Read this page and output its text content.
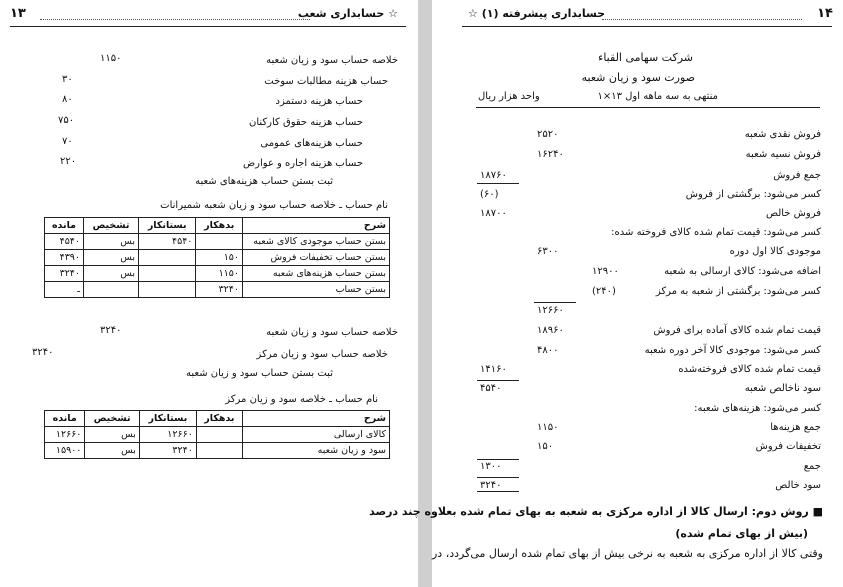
۱۳	☆ حسابداری شعب
خلاصه حساب سود و زیان شعبه
۱۱۵۰
حساب هزینه مطالبات سوخت
۳۰
حساب هزینه دستمزد
۸۰
حساب هزینه حقوق کارکنان
۷۵۰
حساب هزینه‌های عمومی
۷۰
حساب هزینه اجاره و عوارض
۲۲۰
ثبت بستن حساب هزینه‌های شعبه
نام حساب ـ خلاصه حساب سود و زیان شعبه شمیرانات
شرح	بدهکار	بستانکار	تشخیص	مانده
بستن حساب موجودی کالای شعبه		۴۵۴۰	بس	۴۵۴۰
بستن حساب تخفیفات فروش	۱۵۰		بس	۴۳۹۰
بستن حساب هزینه‌های شعبه	۱۱۵۰		بس	۳۲۴۰
بستن حساب	۳۲۴۰			ـ
خلاصه حساب سود و زیان شعبه
۳۲۴۰
خلاصه حساب سود و زیان مرکز
۳۲۴۰
ثبت بستن حساب سود و زیان شعبه
نام حساب ـ خلاصه سود و زیان مرکز
شرح	بدهکار	بستانکار	تشخیص	مانده
کالای ارسالی		۱۲۶۶۰	بس	۱۲۶۶۰
سود و زیان شعبه		۳۲۴۰	بس	۱۵۹۰۰
۱۴
حسابداری پیشرفته (۱) ☆
شرکت سهامی القباء
صورت سود و زیان شعبه
منتهی به سه ماهه اول ۱۳×۱
واحد هزار ریال
فروش نقدی شعبه
۲۵۲۰
فروش نسیه شعبه
۱۶۲۴۰
جمع فروش
۱۸۷۶۰
کسر می‌شود: برگشتی از فروش
(۶۰)
فروش خالص
۱۸۷۰۰
کسر می‌شود: قیمت تمام شده کالای فروخته شده:
موجودی کالا اول دوره
۶۳۰۰
اضافه می‌شود: کالای ارسالی به شعبه
۱۲۹۰۰
کسر می‌شود: برگشتی از شعبه به مرکز
(۲۴۰)
۱۲۶۶۰
قیمت تمام شده کالای آماده برای فروش
۱۸۹۶۰
کسر می‌شود: موجودی کالا آخر دوره شعبه
۴۸۰۰
قیمت تمام شده کالای فروخته‌شده
۱۴۱۶۰
سود ناخالص شعبه
۴۵۴۰
کسر می‌شود: هزینه‌های شعبه:
جمع هزینه‌ها
۱۱۵۰
تخفیفات فروش
۱۵۰
جمع
۱۳۰۰
سود خالص
۳۲۴۰
■ روش دوم: ارسال کالا از اداره مرکزی به شعبه به بهای تمام شده بعلاوه چند درصد
(بیش از بهای تمام شده)
وقتی کالا از اداره مرکزی به شعبه به نرخی بیش از بهای تمام شده ارسال می‌گردد، در
